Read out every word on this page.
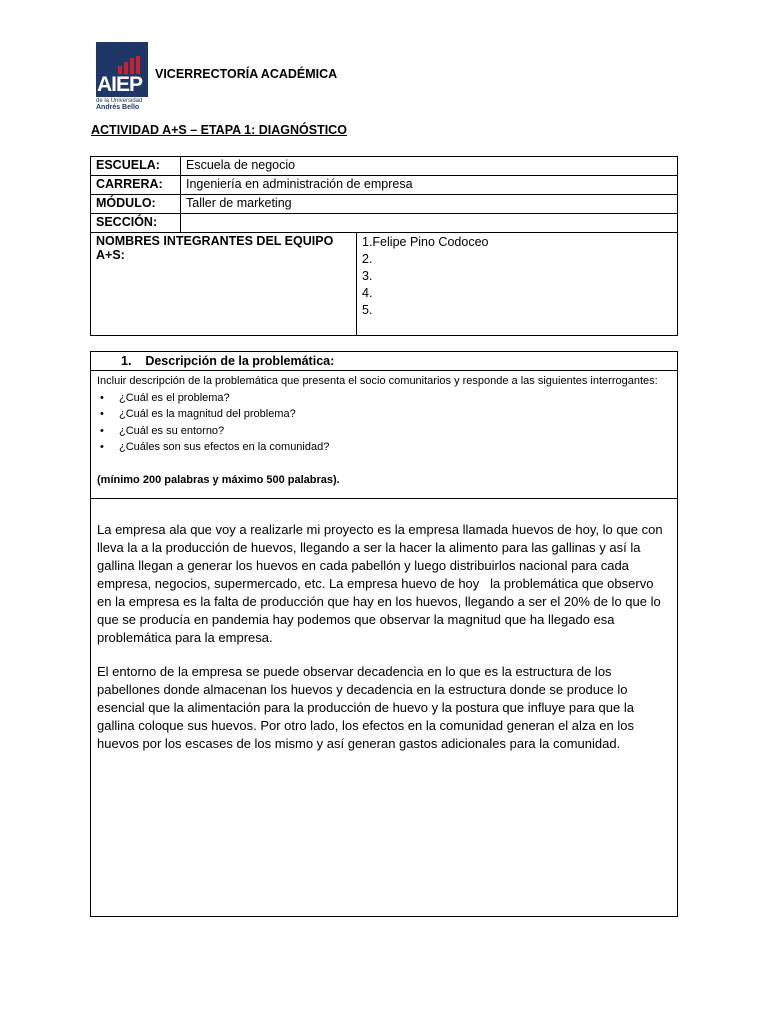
AIEP
de la Universidad
Andrés Bello
VICERRECTORÍA ACADÉMICA
ACTIVIDAD A+S – ETAPA 1: DIAGNÓSTICO
ESCUELA:	Escuela de negocio	
CARRERA:	Ingeniería en administración de empresa	
MÓDULO:	Taller de marketing	
SECCIÓN:		
NOMBRES INTEGRANTES DEL EQUIPO A+S:		1.Felipe Pino Codoceo
2.
3.
4.
5.
1.    Descripción de la problemática:
Incluir descripción de la problemática que presenta el socio comunitarios y responde a las siguientes interrogantes:
• ¿Cuál es el problema?
• ¿Cuál es la magnitud del problema?
• ¿Cuál es su entorno?
• ¿Cuáles son sus efectos en la comunidad?
(mínimo 200 palabras y máximo 500 palabras).

La empresa ala que voy a realizarle mi proyecto es la empresa llamada huevos de hoy, lo que con lleva la a la producción de huevos, llegando a ser la hacer la alimento para las gallinas y así la gallina llegan a generar los huevos en cada pabellón y luego distribuirlos nacional para cada empresa, negocios, supermercado, etc. La empresa huevo de hoy   la problemática que observo en la empresa es la falta de producción que hay en los huevos, llegando a ser el 20% de lo que lo que se producía en pandemia hay podemos que observar la magnitud que ha llegado esa problemática para la empresa.

El entorno de la empresa se puede observar decadencia en lo que es la estructura de los pabellones donde almacenan los huevos y decadencia en la estructura donde se produce lo esencial que la alimentación para la producción de huevo y la postura que influye para que la gallina coloque sus huevos. Por otro lado, los efectos en la comunidad generan el alza en los huevos por los escases de los mismo y así generan gastos adicionales para la comunidad.
